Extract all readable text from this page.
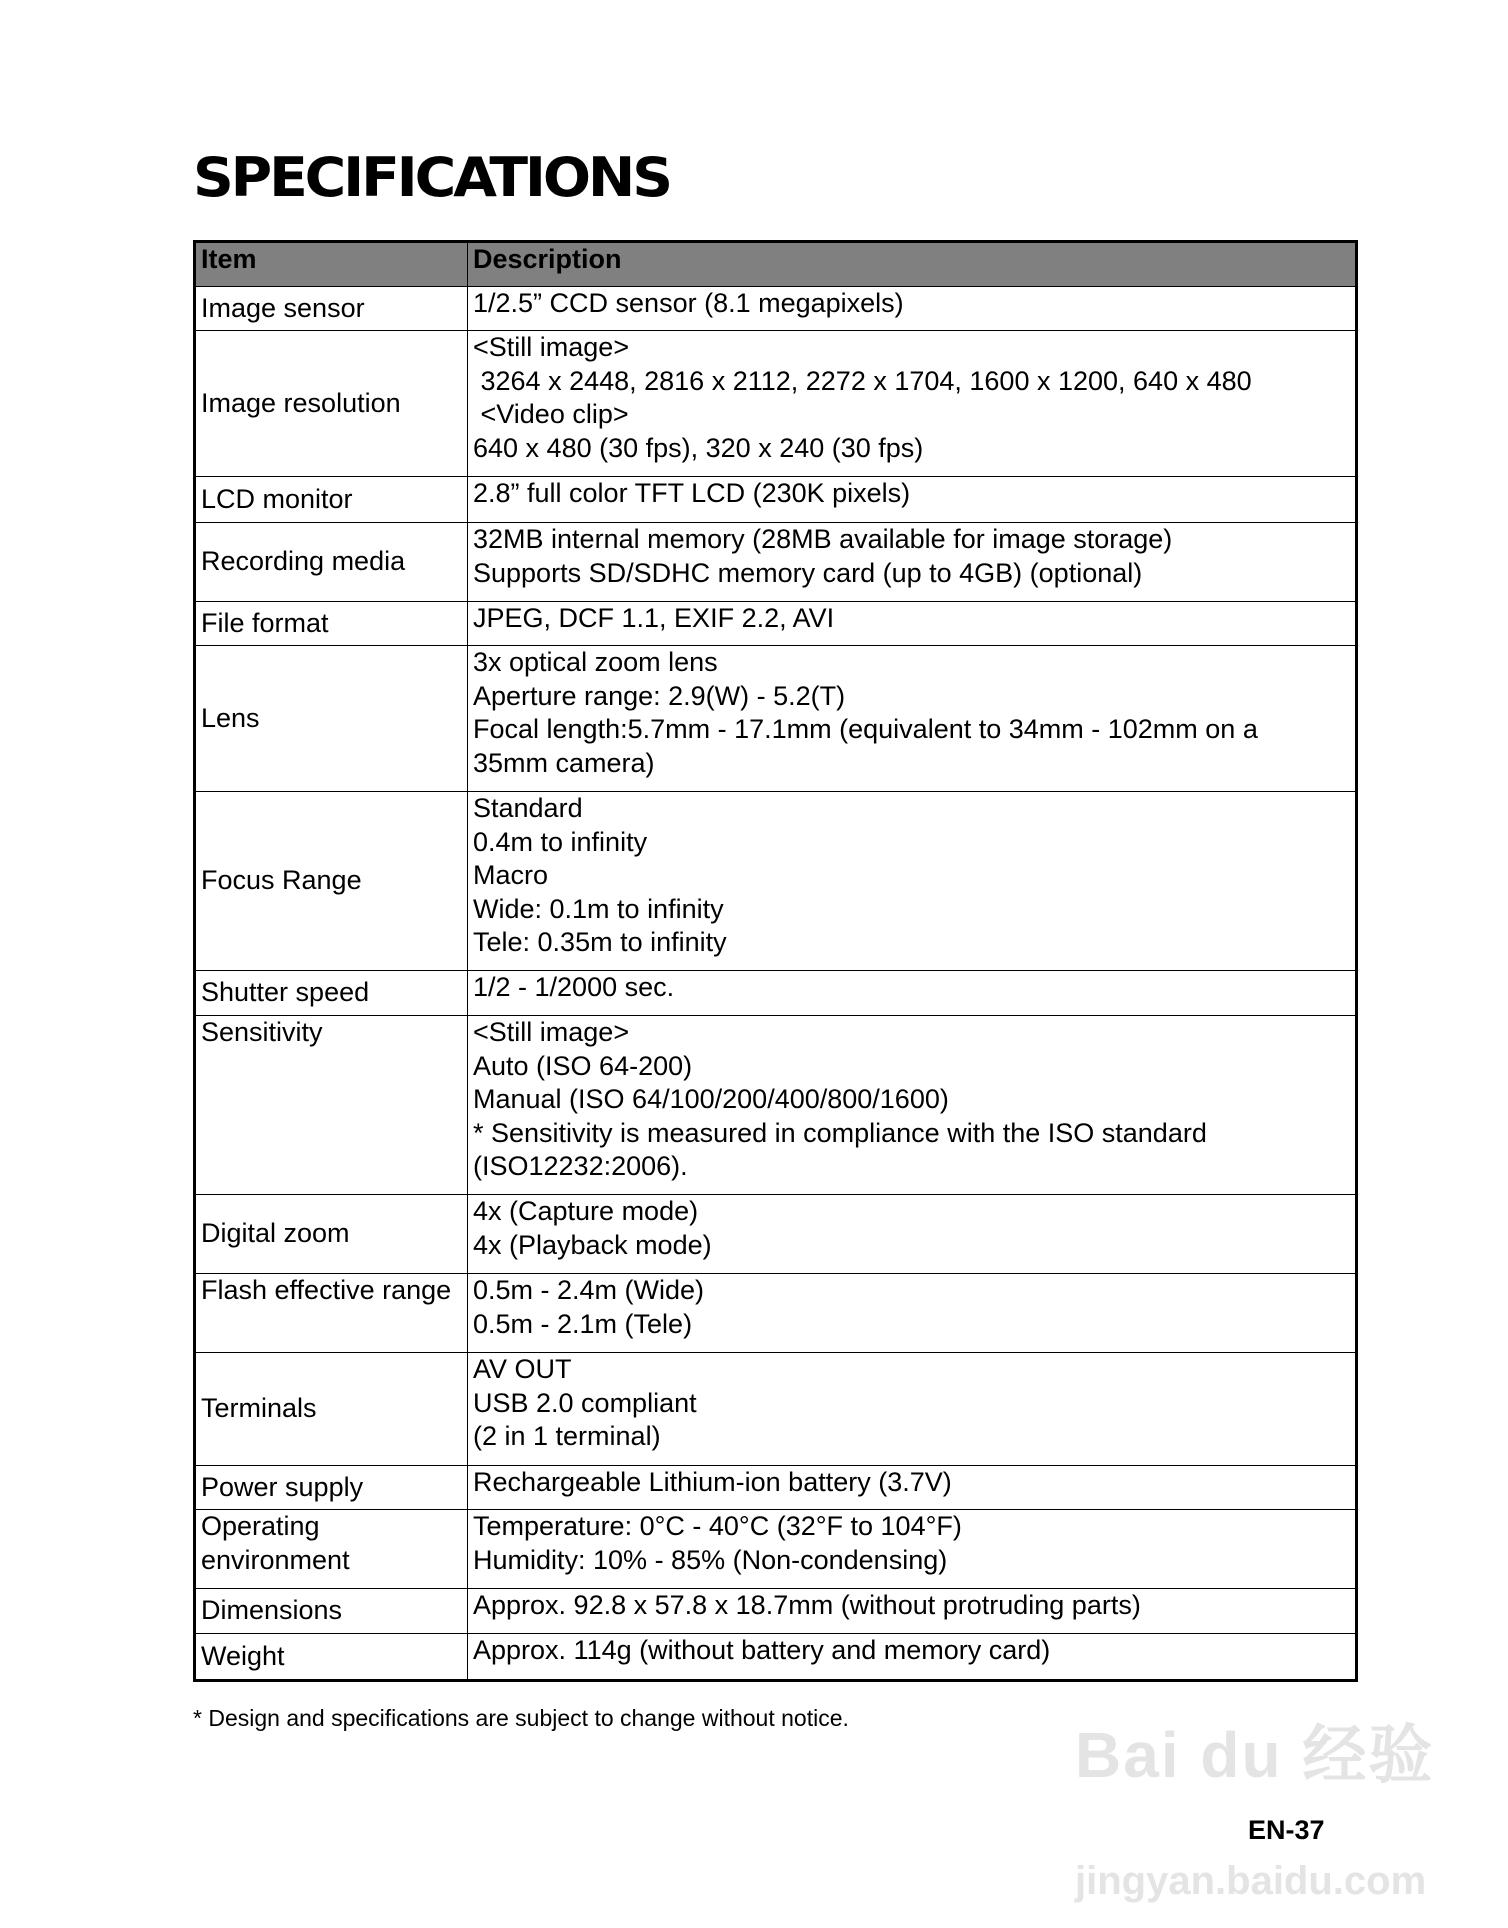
SPECIFICATIONS
Item	Description
Image sensor	1/2.5” CCD sensor (8.1 megapixels)

Image resolution	<Still image>
3264 x 2448, 2816 x 2112, 2272 x 1704, 1600 x 1200, 640 x 480
<Video clip>
640 x 480 (30 fps), 320 x 240 (30 fps)

LCD monitor	2.8” full color TFT LCD (230K pixels)

Recording media	32MB internal memory (28MB available for image storage)
Supports SD/SDHC memory card (up to 4GB) (optional)

File format	JPEG, DCF 1.1, EXIF 2.2, AVI

Lens	3x optical zoom lens
Aperture range: 2.9(W) - 5.2(T)
Focal length:5.7mm - 17.1mm (equivalent to 34mm - 102mm on a
35mm camera)

Focus Range	Standard
0.4m to infinity
Macro
Wide: 0.1m to infinity
Tele: 0.35m to infinity

Shutter speed	1/2 - 1/2000 sec.

Sensitivity	<Still image>
Auto (ISO 64-200)
Manual (ISO 64/100/200/400/800/1600)
* Sensitivity is measured in compliance with the ISO standard
(ISO12232:2006).

Digital zoom	4x (Capture mode)
4x (Playback mode)

Flash effective range	0.5m - 2.4m (Wide)
0.5m - 2.1m (Tele)

Terminals	AV OUT
USB 2.0 compliant
(2 in 1 terminal)

Power supply	Rechargeable Lithium-ion battery (3.7V)

Operating environment	Temperature: 0°C - 40°C (32°F to 104°F)
Humidity: 10% - 85% (Non-condensing)

Dimensions	Approx. 92.8 x 57.8 x 18.7mm (without protruding parts)

Weight	Approx. 114g (without battery and memory card)
* Design and specifications are subject to change without notice.
Bai du 经验
EN-37
jingyan.baidu.com
